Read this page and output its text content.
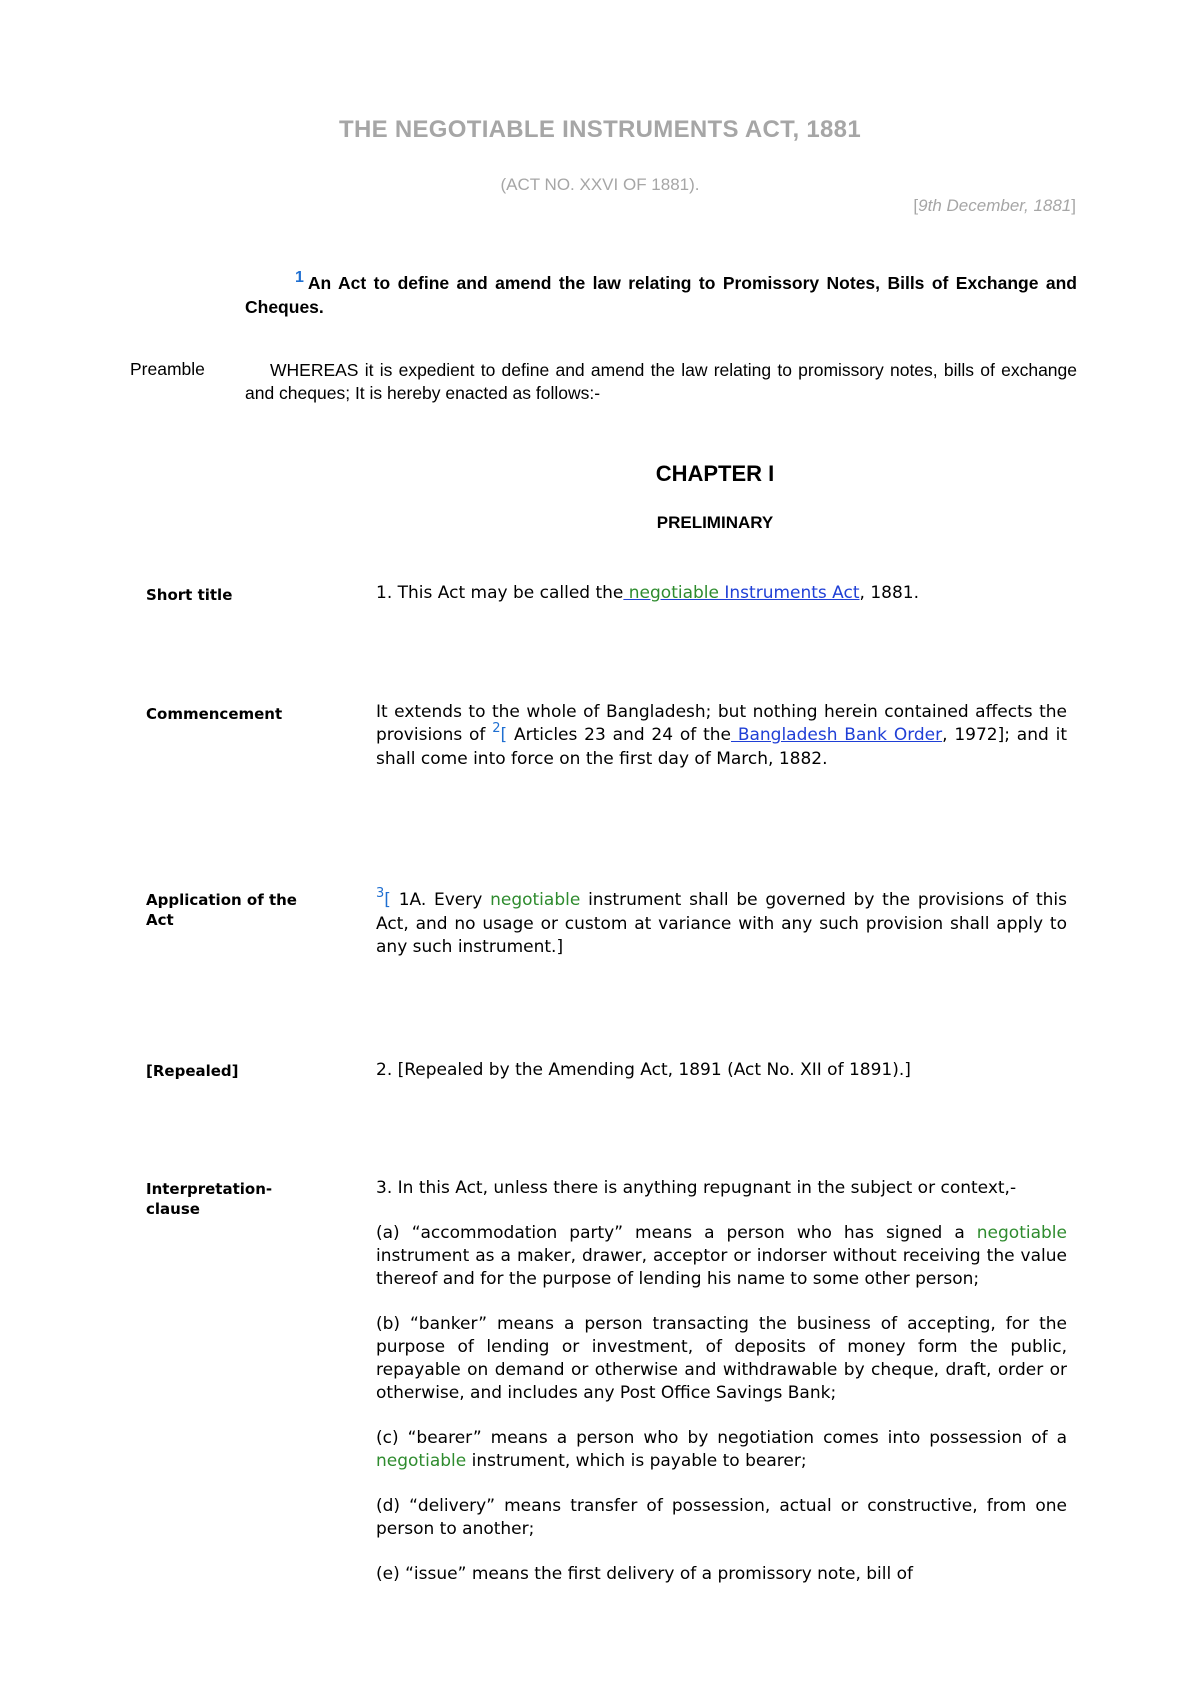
THE NEGOTIABLE INSTRUMENTS ACT, 1881
(ACT NO. XXVI OF 1881).
[9th December, 1881]
1 An Act to define and amend the law relating to Promissory Notes, Bills of Exchange and Cheques.
Preamble	WHEREAS it is expedient to define and amend the law relating to promissory notes, bills of exchange and cheques; It is hereby enacted as follows:-
CHAPTER I
PRELIMINARY
Short title	1. This Act may be called the negotiable Instruments Act, 1881.
Commencement	It extends to the whole of Bangladesh; but nothing herein contained affects the provisions of $^2$[ Articles 23 and 24 of the Bangladesh Bank Order, 1972]; and it shall come into force on the first day of March, 1882.
Application of the Act
$^3$[ 1A. Every negotiable instrument shall be governed by the provisions of this Act, and no usage or custom at variance with any such provision shall apply to any such instrument.]
[Repealed]	2. [Repealed by the Amending Act, 1891 (Act No. XII of 1891).]
Interpretation-clause

3. In this Act, unless there is anything repugnant in the subject or context,-

(a) “accommodation party” means a person who has signed a negotiable instrument as a maker, drawer, acceptor or indorser without receiving the value thereof and for the purpose of lending his name to some other person;

(b) “banker” means a person transacting the business of accepting, for the purpose of lending or investment, of deposits of money form the public, repayable on demand or otherwise and withdrawable by cheque, draft, order or otherwise, and includes any Post Office Savings Bank;

(c) “bearer” means a person who by negotiation comes into possession of a negotiable instrument, which is payable to bearer;

(d) “delivery” means transfer of possession, actual or constructive, from one person to another;

(e) “issue” means the first delivery of a promissory note, bill of
